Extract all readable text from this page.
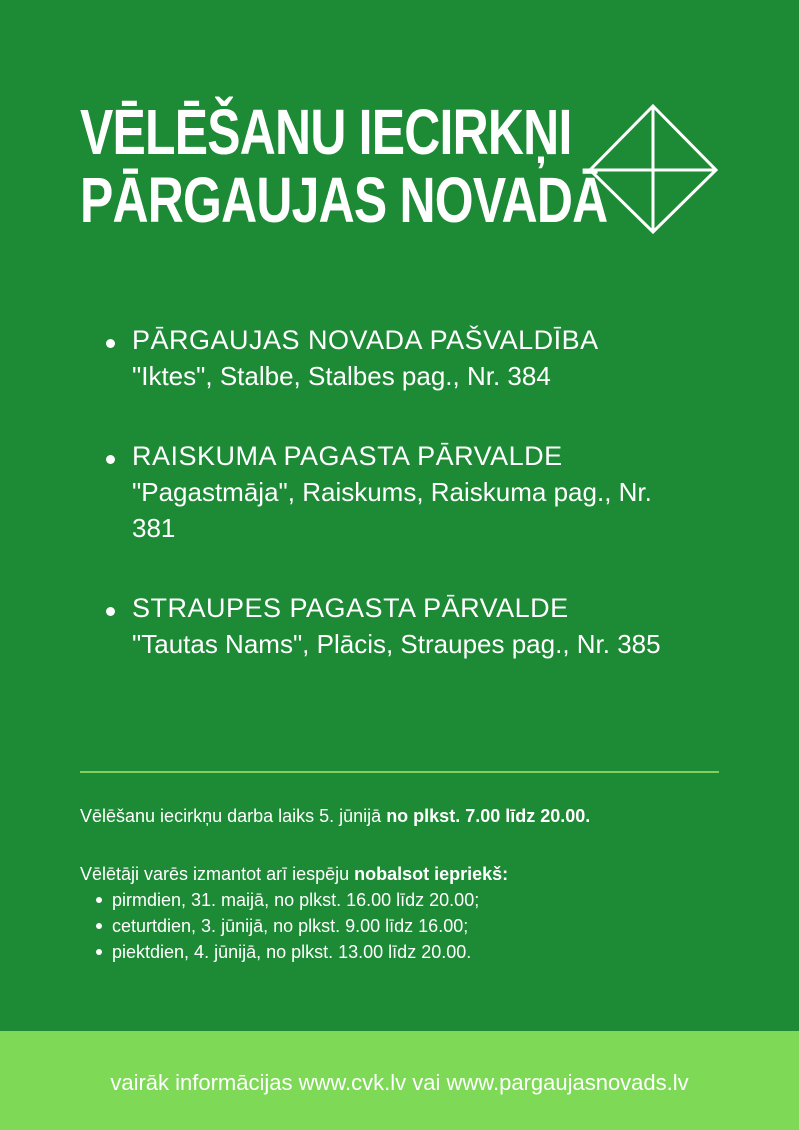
VĒLĒŠANU IECIRKŅI
PĀRGAUJAS NOVADĀ
PĀRGAUJAS NOVADA PAŠVALDĪBA
"Iktes", Stalbe, Stalbes pag., Nr. 384
RAISKUMA PAGASTA PĀRVALDE
"Pagastmāja", Raiskums, Raiskuma pag., Nr. 381
STRAUPES PAGASTA PĀRVALDE
"Tautas Nams", Plācis, Straupes pag., Nr. 385
Vēlēšanu iecirkņu darba laiks 5. jūnijā no plkst. 7.00 līdz 20.00.
Vēlētāji varēs izmantot arī iespēju nobalsot iepriekš:
pirmdien, 31. maijā, no plkst. 16.00 līdz 20.00;
ceturtdien, 3. jūnijā, no plkst. 9.00 līdz 16.00;
piektdien, 4. jūnijā, no plkst. 13.00 līdz 20.00.
vairāk informācijas www.cvk.lv vai www.pargaujasnovads.lv
